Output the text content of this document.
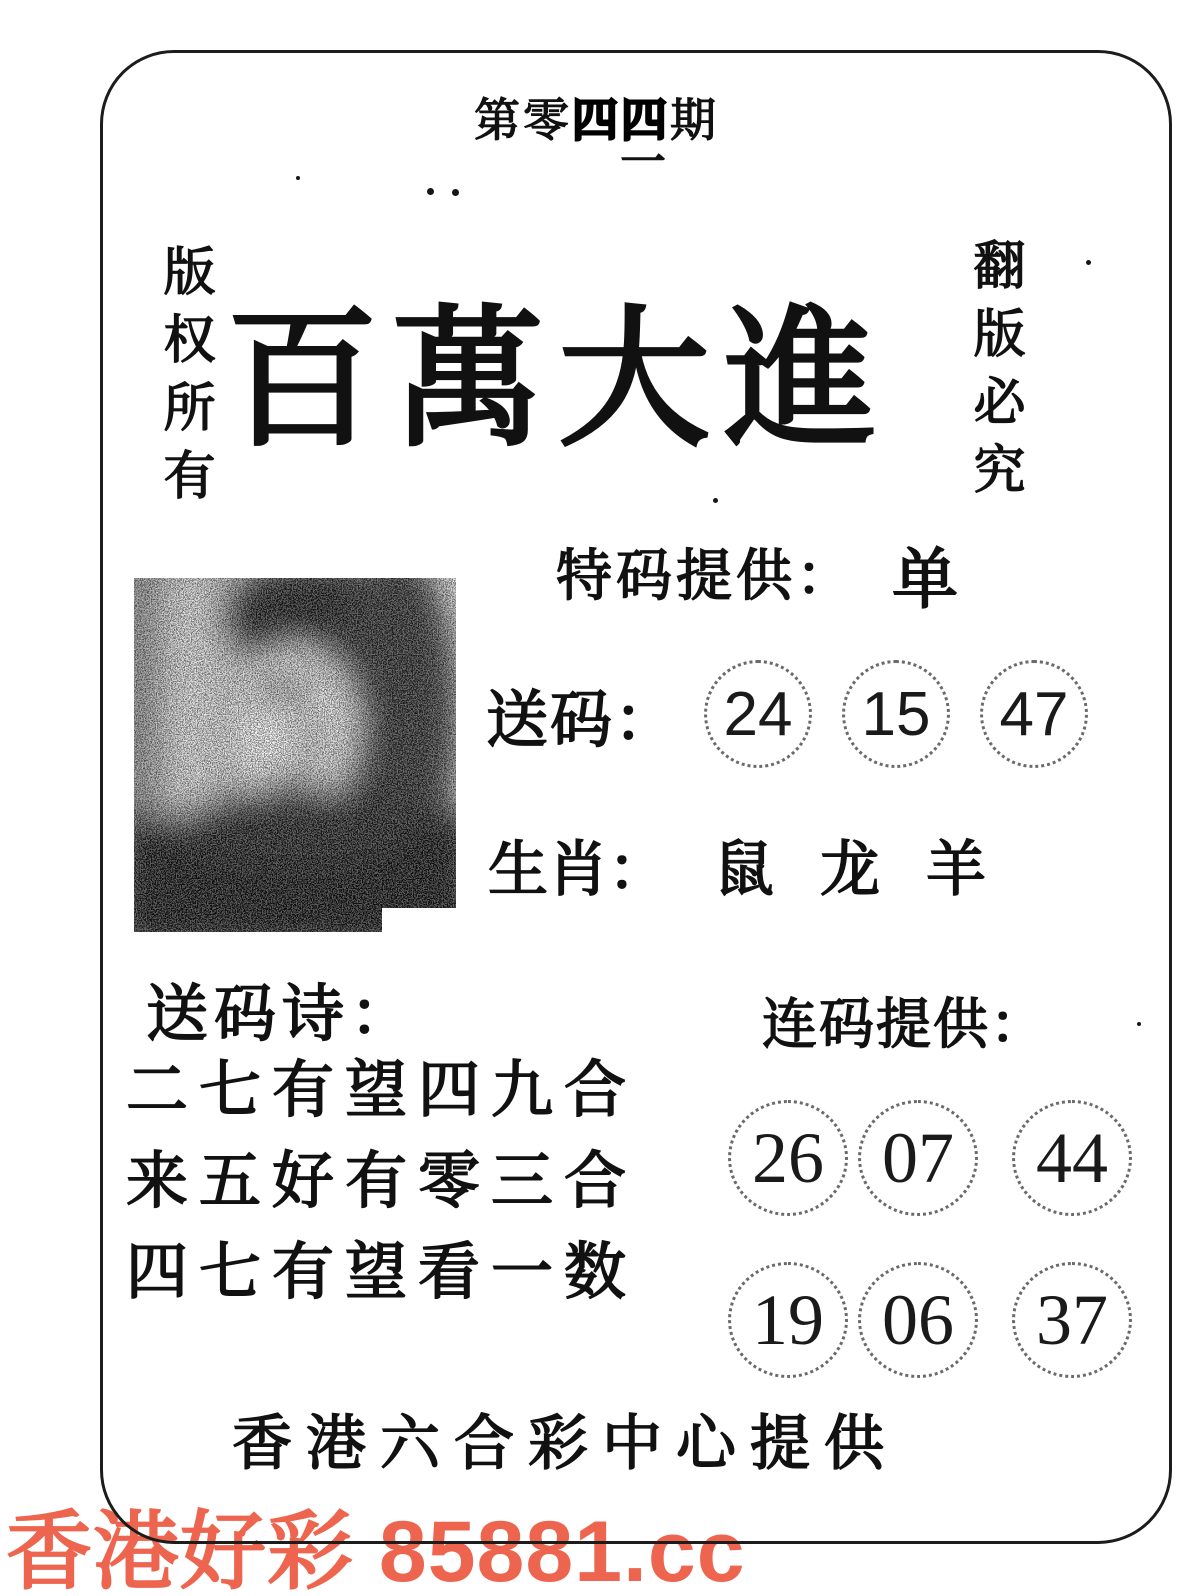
第零四四期
一
版权所有 百萬大進 翻版必究
特码提供： 单
送码： 24 15 47
生肖： 鼠 龙 羊
送码诗：
二七有望四九合
来五好有零三合
四七有望看一数
连码提供：
26 07 44
19 06 37
香港六合彩中心提供
香港好彩 85881.cc
